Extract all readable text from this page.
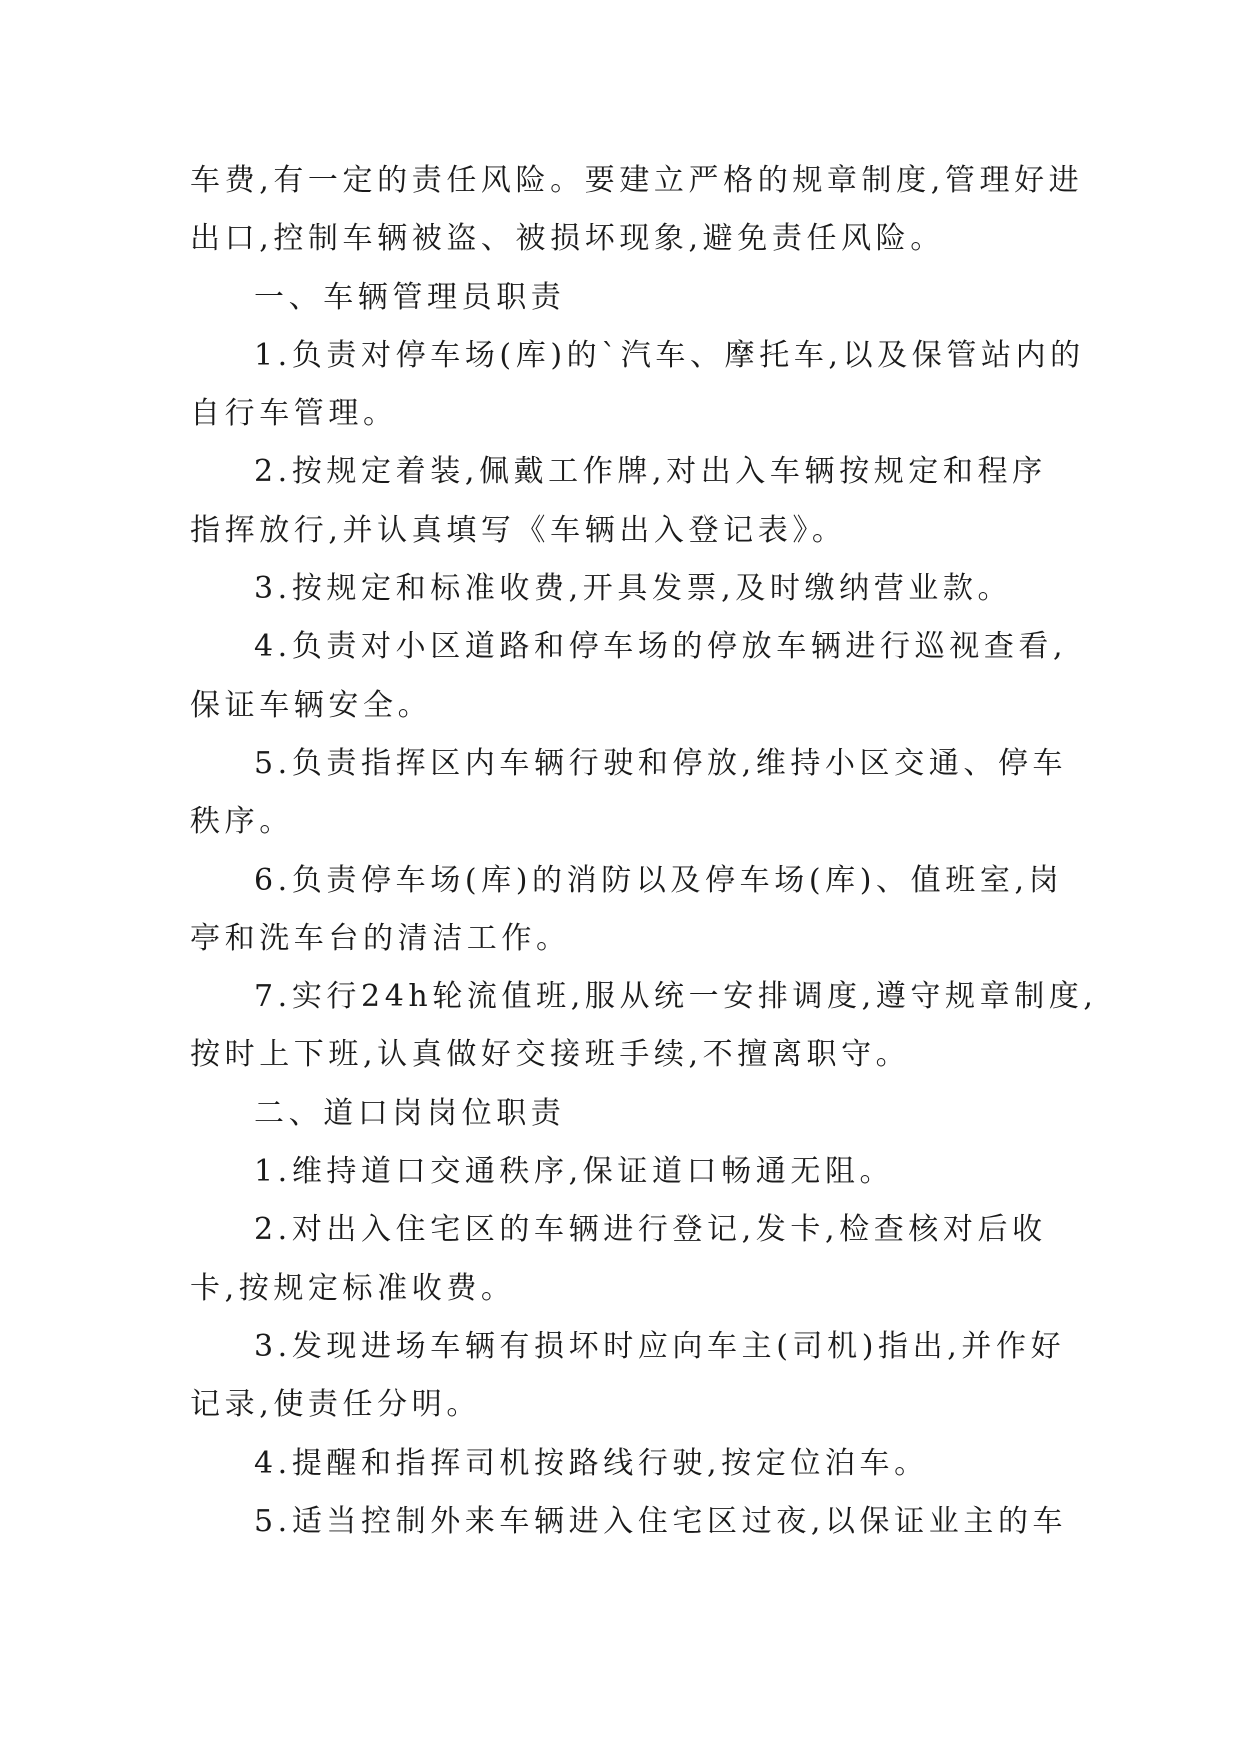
车费,有一定的责任风险。要建立严格的规章制度,管理好进
出口,控制车辆被盗、被损坏现象,避免责任风险。
一、车辆管理员职责
1.负责对停车场(库)的`汽车、摩托车,以及保管站内的
自行车管理。
2.按规定着装,佩戴工作牌,对出入车辆按规定和程序
指挥放行,并认真填写《车辆出入登记表》。
3.按规定和标准收费,开具发票,及时缴纳营业款。
4.负责对小区道路和停车场的停放车辆进行巡视查看,
保证车辆安全。
5.负责指挥区内车辆行驶和停放,维持小区交通、停车
秩序。
6.负责停车场(库)的消防以及停车场(库)、值班室,岗
亭和洗车台的清洁工作。
7.实行24h轮流值班,服从统一安排调度,遵守规章制度,
按时上下班,认真做好交接班手续,不擅离职守。
二、道口岗岗位职责
1.维持道口交通秩序,保证道口畅通无阻。
2.对出入住宅区的车辆进行登记,发卡,检查核对后收
卡,按规定标准收费。
3.发现进场车辆有损坏时应向车主(司机)指出,并作好
记录,使责任分明。
4.提醒和指挥司机按路线行驶,按定位泊车。
5.适当控制外来车辆进入住宅区过夜,以保证业主的车
